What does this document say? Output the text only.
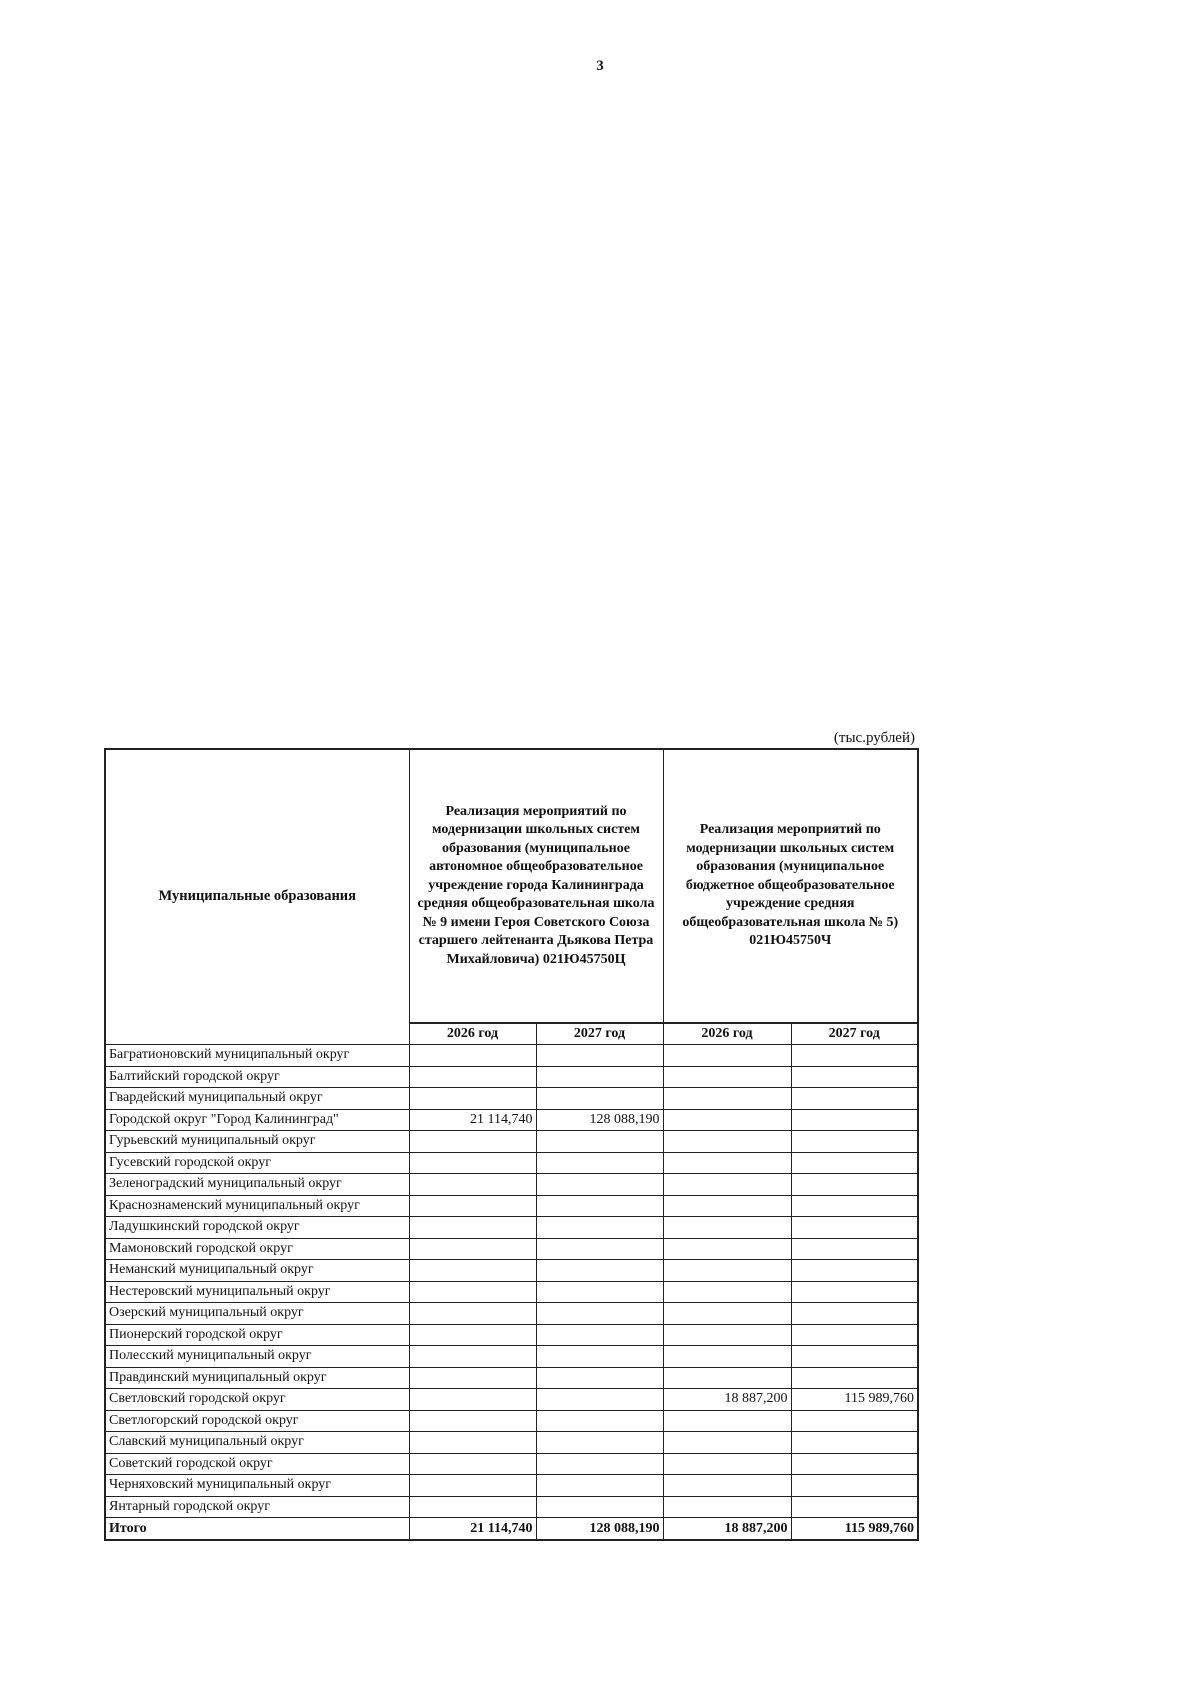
3
(тыс.рублей)
Муниципальные образования	Реализация мероприятий по модернизации школьных систем образования (муниципальное автономное общеобразовательное учреждение города Калининграда средняя общеобразовательная школа № 9 имени Героя Советского Союза старшего лейтенанта Дьякова Петра Михайловича) 021Ю45750Ц		Реализация мероприятий по модернизации школьных систем образования (муниципальное бюджетное общеобразовательное учреждение средняя общеобразовательная школа № 5) 021Ю45750Ч	
	2026 год	2027 год	2026 год	2027 год
Багратионовский муниципальный округ				
Балтийский городской округ				
Гвардейский муниципальный округ				
Городской округ "Город Калининград"	21 114,740	128 088,190		
Гурьевский муниципальный округ				
Гусевский городской округ				
Зеленоградский муниципальный округ				
Краснознаменский муниципальный округ				
Ладушкинский городской округ				
Мамоновский городской округ				
Неманский муниципальный округ				
Нестеровский муниципальный округ				
Озерский муниципальный округ				
Пионерский городской округ				
Полесский муниципальный округ				
Правдинский муниципальный округ				
Светловский городской округ			18 887,200	115 989,760
Светлогорский городской округ				
Славский муниципальный округ				
Советский городской округ				
Черняховский муниципальный округ				
Янтарный городской округ				
Итого	21 114,740	128 088,190	18 887,200	115 989,760
